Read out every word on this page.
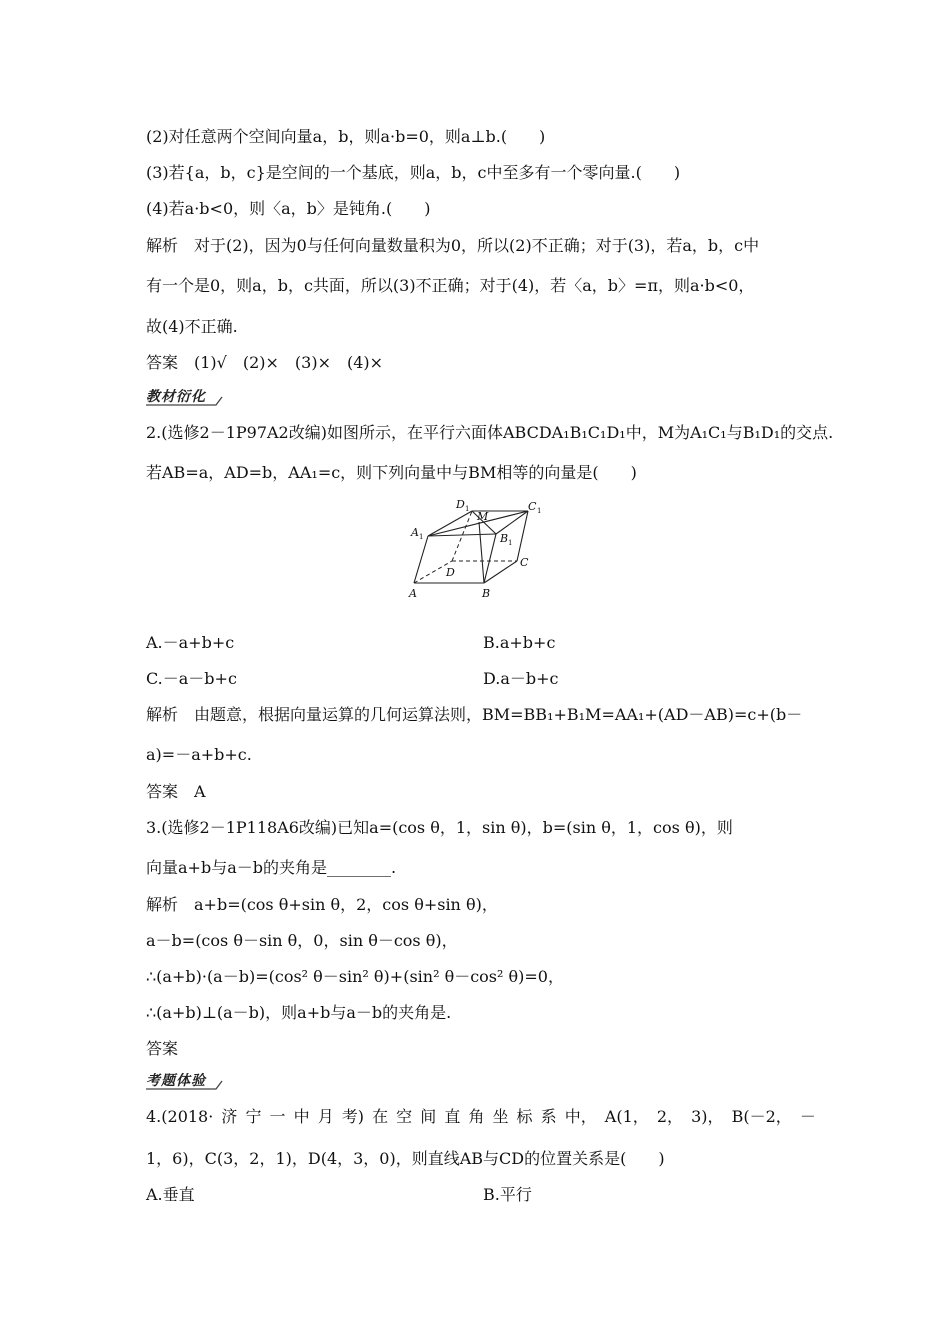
(2)对任意两个空间向量a，b，则a·b=0，则a⊥b.(　　)
(3)若{a，b，c}是空间的一个基底，则a，b，c中至多有一个零向量.(　　)
(4)若a·b<0，则〈a，b〉是钝角.(　　)
解析　对于(2)，因为0与任何向量数量积为0，所以(2)不正确；对于(3)，若a，b，c中
有一个是0，则a，b，c共面，所以(3)不正确；对于(4)，若〈a，b〉=π，则a·b<0，
故(4)不正确.
答案　(1)√　(2)×　(3)×　(4)×
教材衍化
2.(选修2－1P97A2改编)如图所示，在平行六面体ABCDA₁B₁C₁D₁中，M为A₁C₁与B₁D₁的交点.
若AB=a，AD=b，AA₁=c，则下列向量中与BM相等的向量是(　　)
A	B
C
D
A	B
C
D
M
1
1
1
1
A.－a+b+c	B.a+b+c
C.－a－b+c	D.a－b+c
解析　由题意，根据向量运算的几何运算法则，BM=BB₁+B₁M=AA₁+(AD－AB)=c+(b－
a)=－a+b+c.
答案　A
3.(选修2－1P118A6改编)已知a=(cos θ，1，sin θ)，b=(sin θ，1，cos θ)，则
向量a+b与a－b的夹角是________.
解析　a+b=(cos θ+sin θ，2，cos θ+sin θ)，
a－b=(cos θ－sin θ，0，sin θ－cos θ)，
∴(a+b)·(a－b)=(cos² θ－sin² θ)+(sin² θ－cos² θ)=0，
∴(a+b)⊥(a－b)，则a+b与a－b的夹角是.
答案
考题体验
4.(2018· 济 宁 一 中 月 考) 在 空 间 直 角 坐 标 系 中， A(1， 2， 3)， B(－2， －
1，6)，C(3，2，1)，D(4，3，0)，则直线AB与CD的位置关系是(　　)
A.垂直	B.平行
